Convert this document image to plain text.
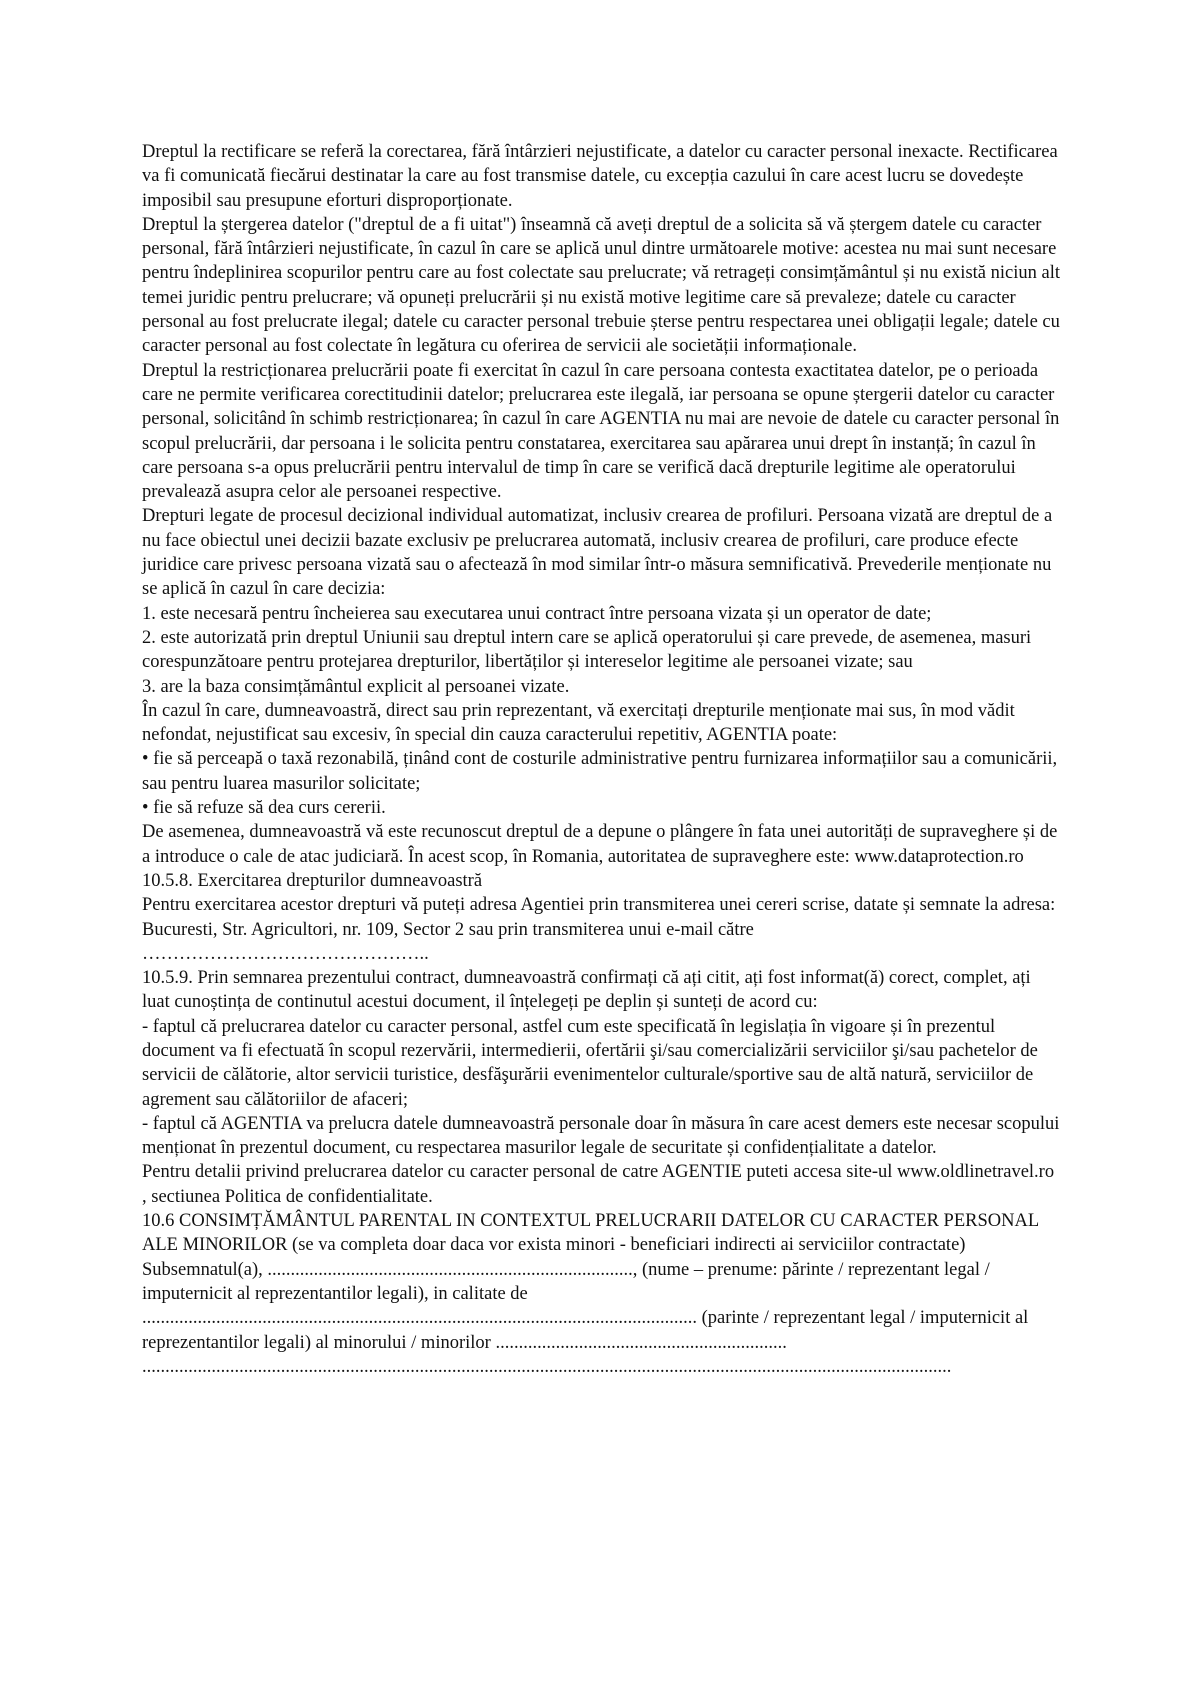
Dreptul la rectificare se referă la corectarea, fără întârzieri nejustificate, a datelor cu caracter personal inexacte. Rectificarea va fi comunicată fiecărui destinatar la care au fost transmise datele, cu excepția cazului în care acest lucru se dovedește imposibil sau presupune eforturi disproporționate.

Dreptul la ștergerea datelor ("dreptul de a fi uitat") înseamnă că aveți dreptul de a solicita să vă ștergem datele cu caracter personal, fără întârzieri nejustificate, în cazul în care se aplică unul dintre următoarele motive: acestea nu mai sunt necesare pentru îndeplinirea scopurilor pentru care au fost colectate sau prelucrate; vă retrageți consimțământul și nu există niciun alt temei juridic pentru prelucrare; vă opuneți prelucrării și nu există motive legitime care să prevaleze; datele cu caracter personal au fost prelucrate ilegal; datele cu caracter personal trebuie șterse pentru respectarea unei obligații legale; datele cu caracter personal au fost colectate în legătura cu oferirea de servicii ale societății informaționale.

Dreptul la restricționarea prelucrării poate fi exercitat în cazul în care persoana contesta exactitatea datelor, pe o perioada care ne permite verificarea corectitudinii datelor; prelucrarea este ilegală, iar persoana se opune ștergerii datelor cu caracter personal, solicitând în schimb restricționarea; în cazul în care AGENTIA nu mai are nevoie de datele cu caracter personal în scopul prelucrării, dar persoana i le solicita pentru constatarea, exercitarea sau apărarea unui drept în instanță; în cazul în care persoana s-a opus prelucrării pentru intervalul de timp în care se verifică dacă drepturile legitime ale operatorului prevalează asupra celor ale persoanei respective.

Drepturi legate de procesul decizional individual automatizat, inclusiv crearea de profiluri. Persoana vizată are dreptul de a nu face obiectul unei decizii bazate exclusiv pe prelucrarea automată, inclusiv crearea de profiluri, care produce efecte juridice care privesc persoana vizată sau o afectează în mod similar într-o măsura semnificativă. Prevederile menționate nu se aplică în cazul în care decizia:

1. este necesară pentru încheierea sau executarea unui contract între persoana vizata și un operator de date;

2. este autorizată prin dreptul Uniunii sau dreptul intern care se aplică operatorului și care prevede, de asemenea, masuri corespunzătoare pentru protejarea drepturilor, libertăților și intereselor legitime ale persoanei vizate; sau

3. are la baza consimțământul explicit al persoanei vizate.

În cazul în care, dumneavoastră, direct sau prin reprezentant, vă exercitați drepturile menționate mai sus, în mod vădit nefondat, nejustificat sau excesiv, în special din cauza caracterului repetitiv, AGENTIA poate:

• fie să perceapă o taxă rezonabilă, ținând cont de costurile administrative pentru furnizarea informațiilor sau a comunicării, sau pentru luarea masurilor solicitate;

• fie să refuze să dea curs cererii.

De asemenea, dumneavoastră vă este recunoscut dreptul de a depune o plângere în fata unei autorități de supraveghere și de a introduce o cale de atac judiciară. În acest scop, în Romania, autoritatea de supraveghere este: www.dataprotection.ro

10.5.8. Exercitarea drepturilor dumneavoastră

Pentru exercitarea acestor drepturi vă puteți adresa Agentiei prin transmiterea unei cereri scrise, datate și semnate la adresa: Bucuresti, Str. Agricultori, nr. 109, Sector 2 sau prin transmiterea unui e-mail către

………………………………………..

10.5.9. Prin semnarea prezentului contract, dumneavoastră confirmați că ați citit, ați fost informat(ă) corect, complet, ați luat cunoștința de continutul acestui document, il înțelegeți pe deplin și sunteți de acord cu:

- faptul că prelucrarea datelor cu caracter personal, astfel cum este specificată în legislația în vigoare și în prezentul document va fi efectuată în scopul rezervării, intermedierii, ofertării şi/sau comercializării serviciilor şi/sau pachetelor de servicii de călătorie, altor servicii turistice, desfăşurării evenimentelor culturale/sportive sau de altă natură, serviciilor de agrement sau călătoriilor de afaceri;

- faptul că AGENTIA va prelucra datele dumneavoastră personale doar în măsura în care acest demers este necesar scopului menționat în prezentul document, cu respectarea masurilor legale de securitate și confidențialitate a datelor.

Pentru detalii privind prelucrarea datelor cu caracter personal de catre AGENTIE puteti accesa site-ul www.oldlinetravel.ro , sectiunea Politica de confidentialitate.

10.6 CONSIMȚĂMÂNTUL PARENTAL IN CONTEXTUL PRELUCRARII DATELOR CU CARACTER PERSONAL ALE MINORILOR (se va completa doar daca vor exista minori - beneficiari indirecti ai serviciilor contractate)

Subsemnatul(a), ..............................................................................., (nume – prenume: părinte / reprezentant legal / imputernicit al reprezentantilor legali), in calitate de

........................................................................................................................ (parinte / reprezentant legal / imputernicit al reprezentantilor legali) al minorului / minorilor ...............................................................

...............................................................................................................................................................................
